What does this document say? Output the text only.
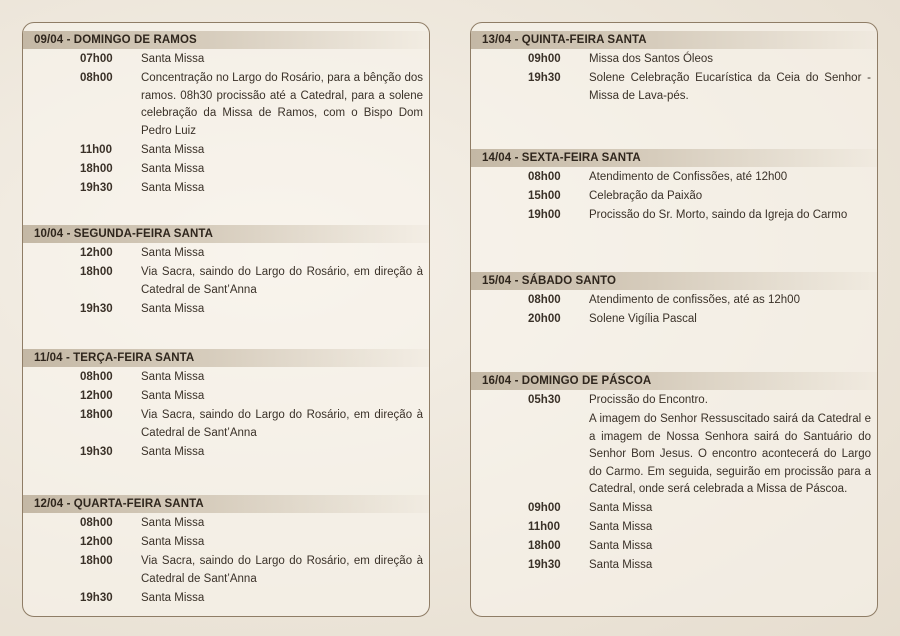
09/04 - DOMINGO DE RAMOS
07h00	Santa Missa
08h00	Concentração no Largo do Rosário, para a bênção dos ramos. 08h30 procissão até a Catedral, para a solene celebração da Missa de Ramos, com o Bispo Dom Pedro Luiz
11h00	Santa Missa
18h00	Santa Missa
19h30	Santa Missa
10/04 - SEGUNDA-FEIRA SANTA
12h00	Santa Missa
18h00	Via Sacra, saindo do Largo do Rosário, em direção à Catedral de Sant’Anna
19h30	Santa Missa
11/04 - TERÇA-FEIRA SANTA
08h00	Santa Missa
12h00	Santa Missa
18h00	Via Sacra, saindo do Largo do Rosário, em direção à Catedral de Sant’Anna
19h30	Santa Missa
12/04 - QUARTA-FEIRA SANTA
08h00	Santa Missa
12h00	Santa Missa
18h00	Via Sacra, saindo do Largo do Rosário, em direção à Catedral de Sant’Anna
19h30	Santa Missa
13/04 - QUINTA-FEIRA SANTA
09h00	Missa dos Santos Óleos
19h30	Solene Celebração Eucarística da Ceia do Senhor - Missa de Lava-pés.
14/04 - SEXTA-FEIRA SANTA
08h00	Atendimento de Confissões, até 12h00
15h00	Celebração da Paixão
19h00	Procissão do Sr. Morto, saindo da Igreja do Carmo
15/04 - SÁBADO SANTO
08h00	Atendimento de confissões, até as 12h00
20h00	Solene Vigília Pascal
16/04 - DOMINGO DE PÁSCOA
05h30	Procissão do Encontro.
A imagem do Senhor Ressuscitado sairá da Catedral e a imagem de Nossa Senhora sairá do Santuário do Senhor Bom Jesus. O encontro acontecerá do Largo do Carmo. Em seguida, seguirão em procissão para a Catedral, onde será celebrada a Missa de Páscoa.
09h00	Santa Missa
11h00	Santa Missa
18h00	Santa Missa
19h30	Santa Missa
